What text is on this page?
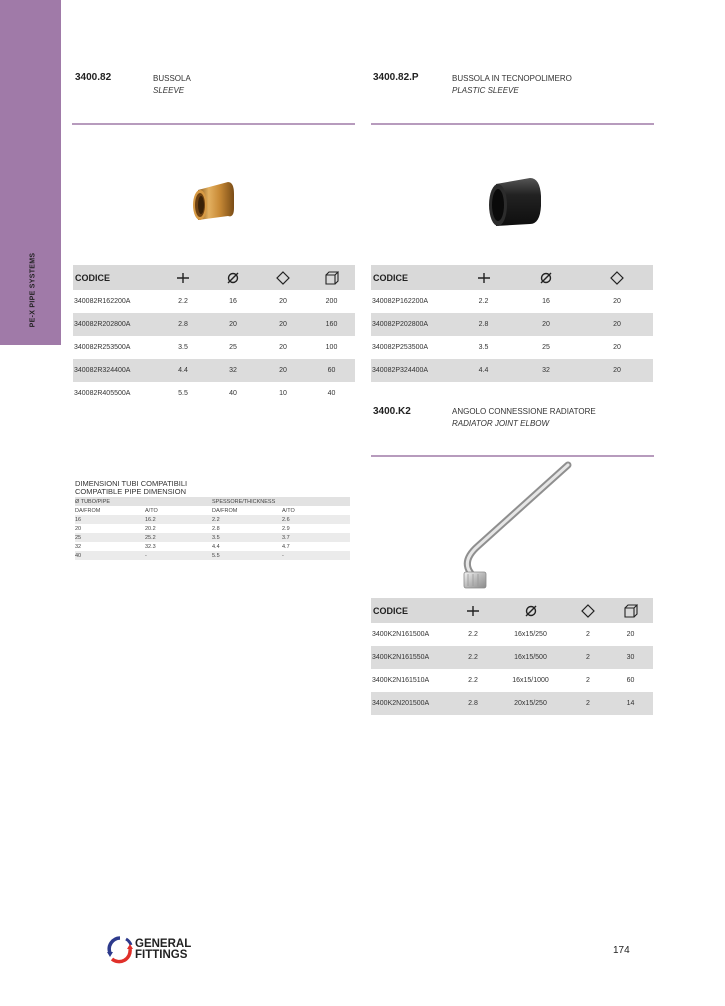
PE-X PIPE SYSTEMS
3400.82	BUSSOLA
SLEEVE
3400.82.P	BUSSOLA IN TECNOPOLIMERO
PLASTIC SLEEVE
CODICE	

340082R162200A	2.2	16	20	200
340082R202800A	2.8	20	20	160
340082R253500A	3.5	25	20	100
340082R324400A	4.4	32	20	60
340082R405500A	5.5	40	10	40
CODICE	

340082P162200A	2.2	16	20
340082P202800A	2.8	20	20
340082P253500A	3.5	25	20
340082P324400A	4.4	32	20
3400.K2	ANGOLO CONNESSIONE RADIATORE
RADIATOR JOINT ELBOW
DIMENSIONI TUBI COMPATIBILI
COMPATIBLE PIPE DIMENSION
Ø TUBO/PIPE		SPESSORE/THICKNESS	
DA/FROM	A/TO	DA/FROM	A/TO
16	16.2	2.2	2.6
20	20.2	2.8	2.9
25	25.2	3.5	3.7
32	32.3	4.4	4.7
40	-	5.5	-
CODICE	

3400K2N161500A	2.2	16x15/250	2	20
3400K2N161550A	2.2	16x15/500	2	30
3400K2N161510A	2.2	16x15/1000	2	60
3400K2N201500A	2.8	20x15/250	2	14
GENERAL
FITTINGS	174
